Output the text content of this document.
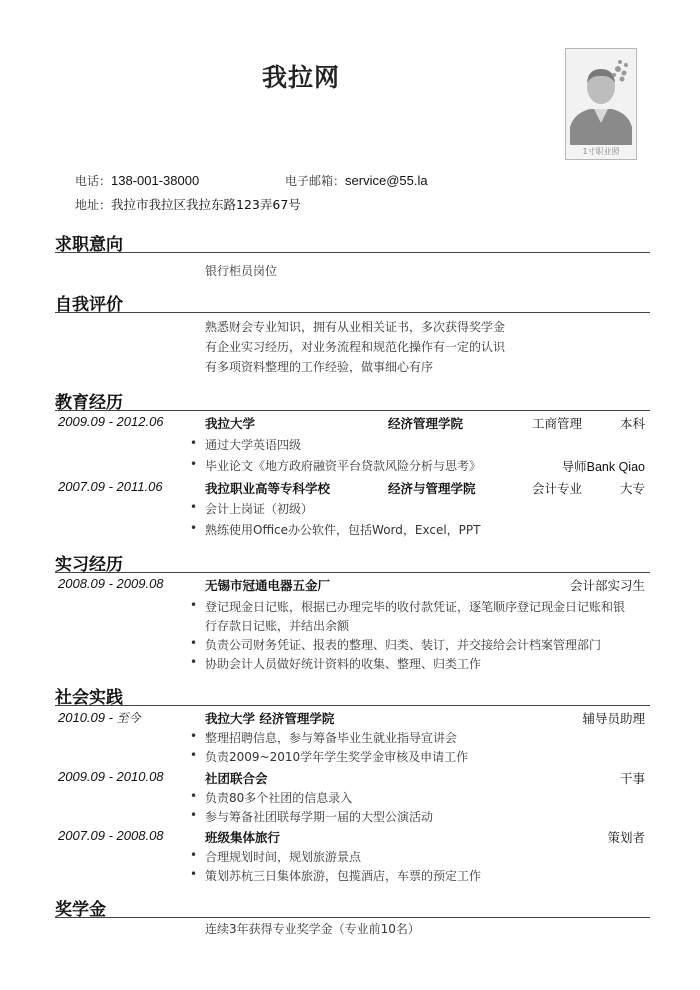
我拉网
1寸职业照
电话：138-001-38000	电子邮箱：service@55.la
地址：我拉市我拉区我拉东路123弄67号
求职意向
银行柜员岗位
自我评价
熟悉财会专业知识，拥有从业相关证书，多次获得奖学金
有企业实习经历，对业务流程和规范化操作有一定的认识
有多项资料整理的工作经验，做事细心有序
教育经历
2009.09 - 2012.06	我拉大学	经济管理学院	工商管理	本科
通过大学英语四级
毕业论文《地方政府融资平台贷款风险分析与思考》	导师Bank Qiao
2007.09 - 2011.06	我拉职业高等专科学校	经济与管理学院	会计专业	大专
会计上岗证（初级）
熟练使用Office办公软件，包括Word，Excel，PPT
实习经历
2008.09 - 2009.08	无锡市冠通电器五金厂	会计部实习生
登记现金日记账，根据已办理完毕的收付款凭证，逐笔顺序登记现金日记账和银
行存款日记账，并结出余额
负责公司财务凭证、报表的整理、归类、装订，并交接给会计档案管理部门
协助会计人员做好统计资料的收集、整理、归类工作
社会实践
2010.09 - 至今	我拉大学 经济管理学院	辅导员助理
整理招聘信息，参与筹备毕业生就业指导宣讲会
负责2009~2010学年学生奖学金审核及申请工作
2009.09 - 2010.08	社团联合会	干事
负责80多个社团的信息录入
参与筹备社团联每学期一届的大型公演活动
2007.09 - 2008.08	班级集体旅行	策划者
合理规划时间，规划旅游景点
策划苏杭三日集体旅游，包揽酒店，车票的预定工作
奖学金
连续3年获得专业奖学金（专业前10名）
